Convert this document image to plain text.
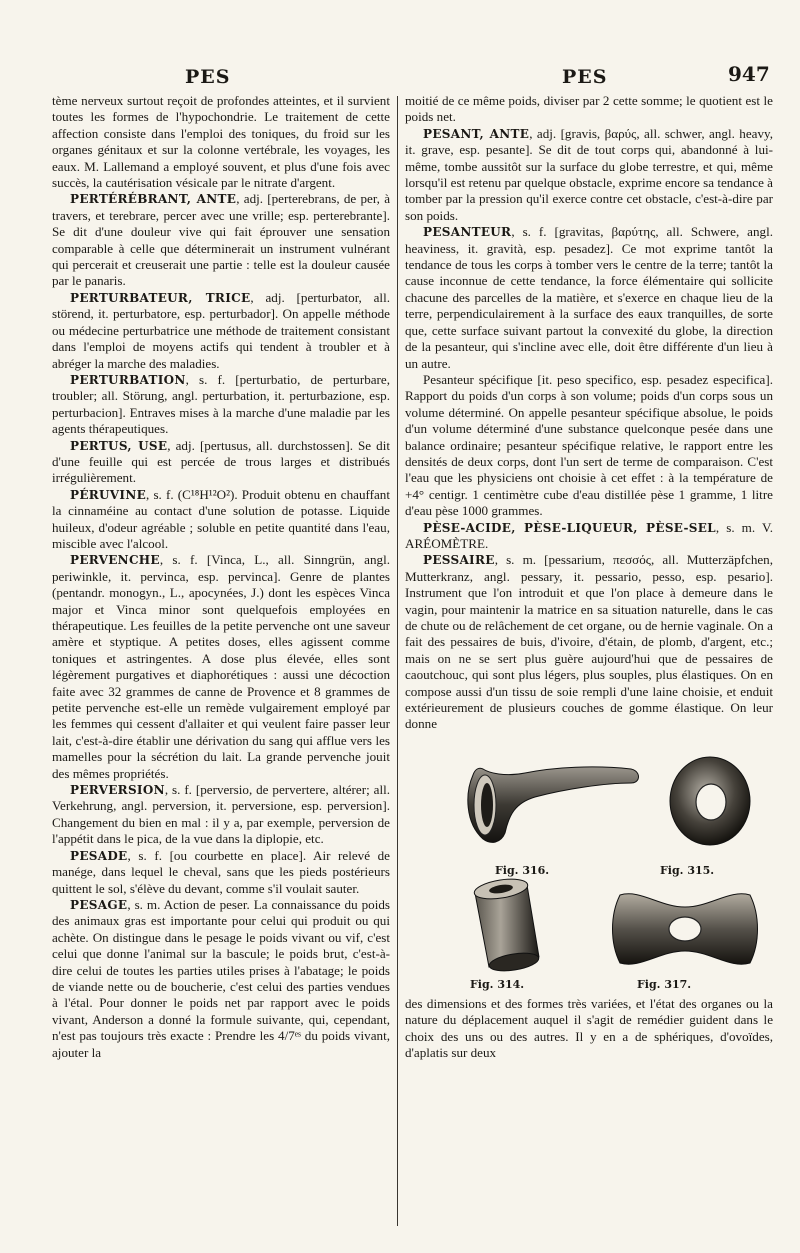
PES	PES	947

tème nerveux surtout reçoit de profondes atteintes, et il survient toutes les formes de l'hypochondrie. Le traitement de cette affection consiste dans l'emploi des toniques, du froid sur les organes génitaux et sur la colonne vertébrale, les voyages, les eaux. M. Lallemand a employé souvent, et plus d'une fois avec succès, la cautérisation vésicale par le nitrate d'argent.

PERTÉRÉBRANT, ANTE, adj. [perterebrans, de per, à travers, et terebrare, percer avec une vrille; esp. perterebrante]. Se dit d'une douleur vive qui fait éprouver une sensation comparable à celle que déterminerait un instrument vulnérant qui percerait et creuserait une partie : telle est la douleur causée par le panaris.

PERTURBATEUR, TRICE, adj. [perturbator, all. störend, it. perturbatore, esp. perturbador]. On appelle méthode ou médecine perturbatrice une méthode de traitement consistant dans l'emploi de moyens actifs qui tendent à troubler et à abréger la marche des maladies.

PERTURBATION, s. f. [perturbatio, de perturbare, troubler; all. Störung, angl. perturbation, it. perturbazione, esp. perturbacion]. Entraves mises à la marche d'une maladie par les agents thérapeutiques.

PERTUS, USE, adj. [pertusus, all. durchstossen]. Se dit d'une feuille qui est percée de trous larges et distribués irrégulièrement.

PÉRUVINE, s. f. (C¹⁸H¹²O²). Produit obtenu en chauffant la cinnaméine au contact d'une solution de potasse. Liquide huileux, d'odeur agréable ; soluble en petite quantité dans l'eau, miscible avec l'alcool.

PERVENCHE, s. f. [Vinca, L., all. Sinngrün, angl. periwinkle, it. pervinca, esp. pervinca]. Genre de plantes (pentandr. monogyn., L., apocynées, J.) dont les espèces Vinca major et Vinca minor sont quelquefois employées en thérapeutique. Les feuilles de la petite pervenche ont une saveur amère et styptique. A petites doses, elles agissent comme toniques et astringentes. A dose plus élevée, elles sont légèrement purgatives et diaphorétiques : aussi une décoction faite avec 32 grammes de canne de Provence et 8 grammes de petite pervenche est-elle un remède vulgairement employé par les femmes qui cessent d'allaiter et qui veulent faire passer leur lait, c'est-à-dire établir une dérivation du sang qui afflue vers les mamelles pour la sécrétion du lait. La grande pervenche jouit des mêmes propriétés.

PERVERSION, s. f. [perversio, de pervertere, altérer; all. Verkehrung, angl. perversion, it. perversione, esp. perversion]. Changement du bien en mal : il y a, par exemple, perversion de l'appétit dans le pica, de la vue dans la diplopie, etc.

PESADE, s. f. [ou courbette en place]. Air relevé de manége, dans lequel le cheval, sans que les pieds postérieurs quittent le sol, s'élève du devant, comme s'il voulait sauter.

PESAGE, s. m. Action de peser. La connaissance du poids des animaux gras est importante pour celui qui produit ou qui achète. On distingue dans le pesage le poids vivant ou vif, c'est celui que donne l'animal sur la bascule; le poids brut, c'est-à-dire celui de toutes les parties utiles prises à l'abatage; le poids de viande nette ou de boucherie, c'est celui des parties vendues à l'étal. Pour donner le poids net par rapport avec le poids vivant, Anderson a donné la formule suivante, qui, cependant, n'est pas toujours très exacte : Prendre les 4/7ᵉˢ du poids vivant, ajouter la

moitié de ce même poids, diviser par 2 cette somme; le quotient est le poids net.

PESANT, ANTE, adj. [gravis, βαρύς, all. schwer, angl. heavy, it. grave, esp. pesante]. Se dit de tout corps qui, abandonné à lui-même, tombe aussitôt sur la surface du globe terrestre, et qui, même lorsqu'il est retenu par quelque obstacle, exprime encore sa tendance à tomber par la pression qu'il exerce contre cet obstacle, c'est-à-dire par son poids.

PESANTEUR, s. f. [gravitas, βαρύτης, all. Schwere, angl. heaviness, it. gravità, esp. pesadez]. Ce mot exprime tantôt la tendance de tous les corps à tomber vers le centre de la terre; tantôt la cause inconnue de cette tendance, la force élémentaire qui sollicite chacune des parcelles de la matière, et s'exerce en chaque lieu de la terre, perpendiculairement à la surface des eaux tranquilles, de sorte que, cette surface suivant partout la convexité du globe, la direction de la pesanteur, qui s'incline avec elle, doit être différente d'un lieu à un autre.

Pesanteur spécifique [it. peso specifico, esp. pesadez especifica]. Rapport du poids d'un corps à son volume; poids d'un corps sous un volume déterminé. On appelle pesanteur spécifique absolue, le poids d'un volume déterminé d'une substance quelconque pesée dans une balance ordinaire; pesanteur spécifique relative, le rapport entre les densités de deux corps, dont l'un sert de terme de comparaison. C'est l'eau que les physiciens ont choisie à cet effet : à la température de +4° centigr. 1 centimètre cube d'eau distillée pèse 1 gramme, 1 litre d'eau pèse 1000 grammes.

PÈSE-ACIDE, PÈSE-LIQUEUR, PÈSE-SEL, s. m. V. ARÉOMÈTRE.

PESSAIRE, s. m. [pessarium, πεσσός, all. Mutterzäpfchen, Mutterkranz, angl. pessary, it. pessario, pesso, esp. pesario]. Instrument que l'on introduit et que l'on place à demeure dans le vagin, pour maintenir la matrice en sa situation naturelle, dans le cas de chute ou de relâchement de cet organe, ou de hernie vaginale. On a fait des pessaires de buis, d'ivoire, d'étain, de plomb, d'argent, etc.; mais on ne se sert plus guère aujourd'hui que de pessaires de caoutchouc, qui sont plus légers, plus souples, plus élastiques. On en compose aussi d'un tissu de soie rempli d'une laine choisie, et enduit extérieurement de plusieurs couches de gomme élastique. On leur donne

Fig. 316.	Fig. 315.
Fig. 314.	Fig. 317.

des dimensions et des formes très variées, et l'état des organes ou la nature du déplacement auquel il s'agit de remédier guident dans le choix des uns ou des autres. Il y en a de sphériques, d'ovoïdes, d'aplatis sur deux
